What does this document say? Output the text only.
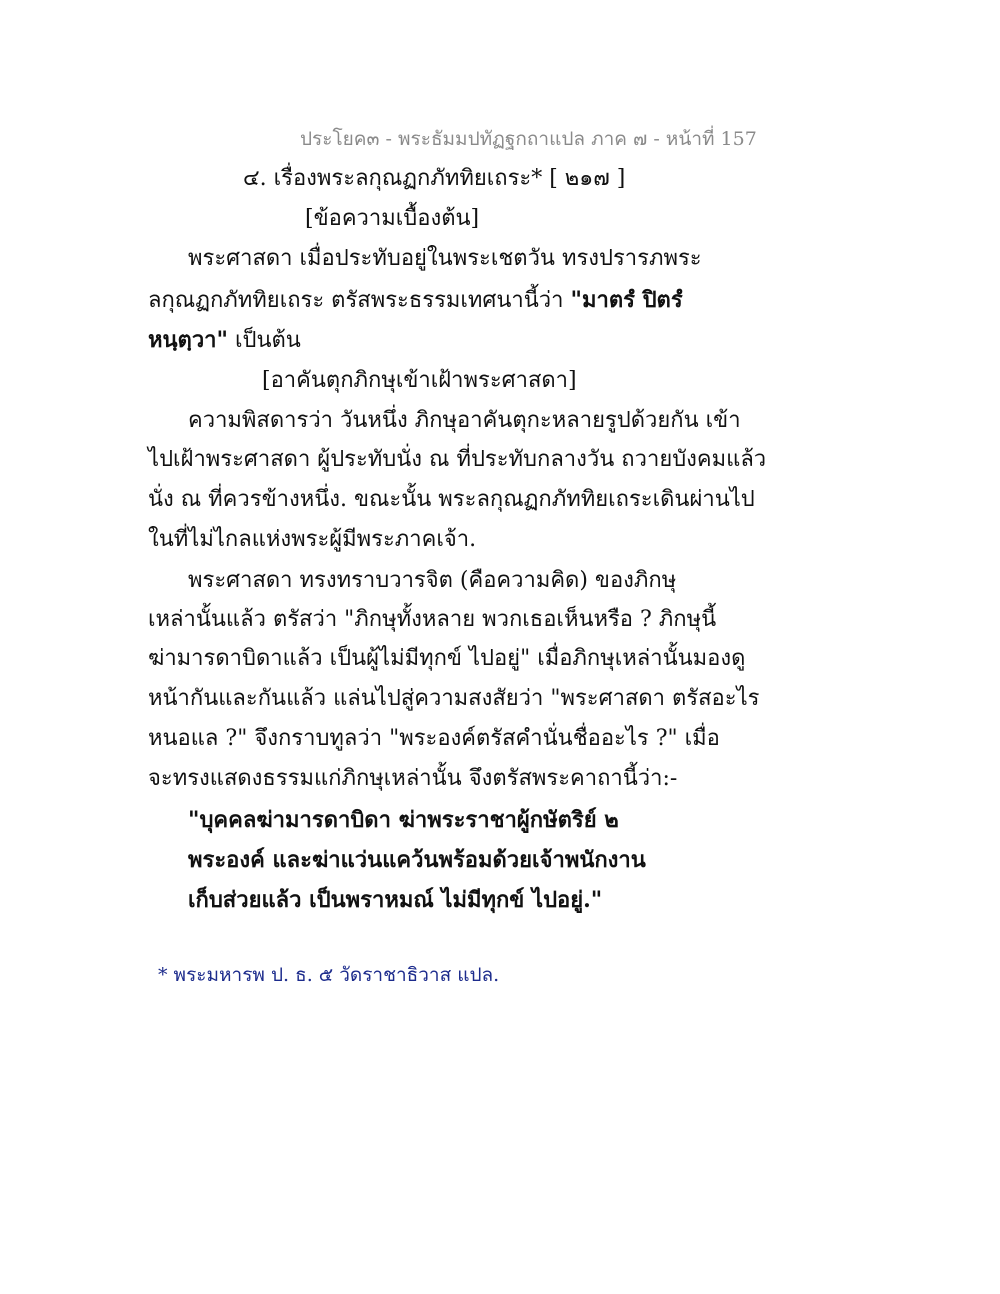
ประโยค๓ - พระธัมมปทัฏฐกถาแปล ภาค ๗ - หน้าที่ 157
๔. เรื่องพระลกุณฏกภัททิยเถระ* [ ๒๑๗ ]
[ข้อความเบื้องต้น]
พระศาสดา เมื่อประทับอยู่ในพระเชตวัน ทรงปรารภพระ
ลกุณฏกภัททิยเถระ ตรัสพระธรรมเทศนานี้ว่า "มาตรํ ปิตรํ
หนฺตฺวา" เป็นต้น
[อาคันตุกภิกษุเข้าเฝ้าพระศาสดา]
ความพิสดารว่า วันหนึ่ง ภิกษุอาคันตุกะหลายรูปด้วยกัน เข้า
ไปเฝ้าพระศาสดา ผู้ประทับนั่ง ณ ที่ประทับกลางวัน ถวายบังคมแล้ว
นั่ง ณ ที่ควรข้างหนึ่ง. ขณะนั้น พระลกุณฏกภัททิยเถระเดินผ่านไป
ในที่ไม่ไกลแห่งพระผู้มีพระภาคเจ้า.
พระศาสดา ทรงทราบวารจิต (คือความคิด) ของภิกษุ
เหล่านั้นแล้ว ตรัสว่า "ภิกษุทั้งหลาย พวกเธอเห็นหรือ ? ภิกษุนี้
ฆ่ามารดาบิดาแล้ว เป็นผู้ไม่มีทุกข์ ไปอยู่" เมื่อภิกษุเหล่านั้นมองดู
หน้ากันและกันแล้ว แล่นไปสู่ความสงสัยว่า "พระศาสดา ตรัสอะไร
หนอแล ?" จึงกราบทูลว่า "พระองค์ตรัสคำนั่นชื่ออะไร ?" เมื่อ
จะทรงแสดงธรรมแก่ภิกษุเหล่านั้น จึงตรัสพระคาถานี้ว่า:-
"บุคคลฆ่ามารดาบิดา ฆ่าพระราชาผู้กษัตริย์ ๒
พระองค์ และฆ่าแว่นแคว้นพร้อมด้วยเจ้าพนักงาน
เก็บส่วยแล้ว เป็นพราหมณ์ ไม่มีทุกข์ ไปอยู่."
* พระมหารพ ป. ธ. ๕ วัดราชาธิวาส แปล.
